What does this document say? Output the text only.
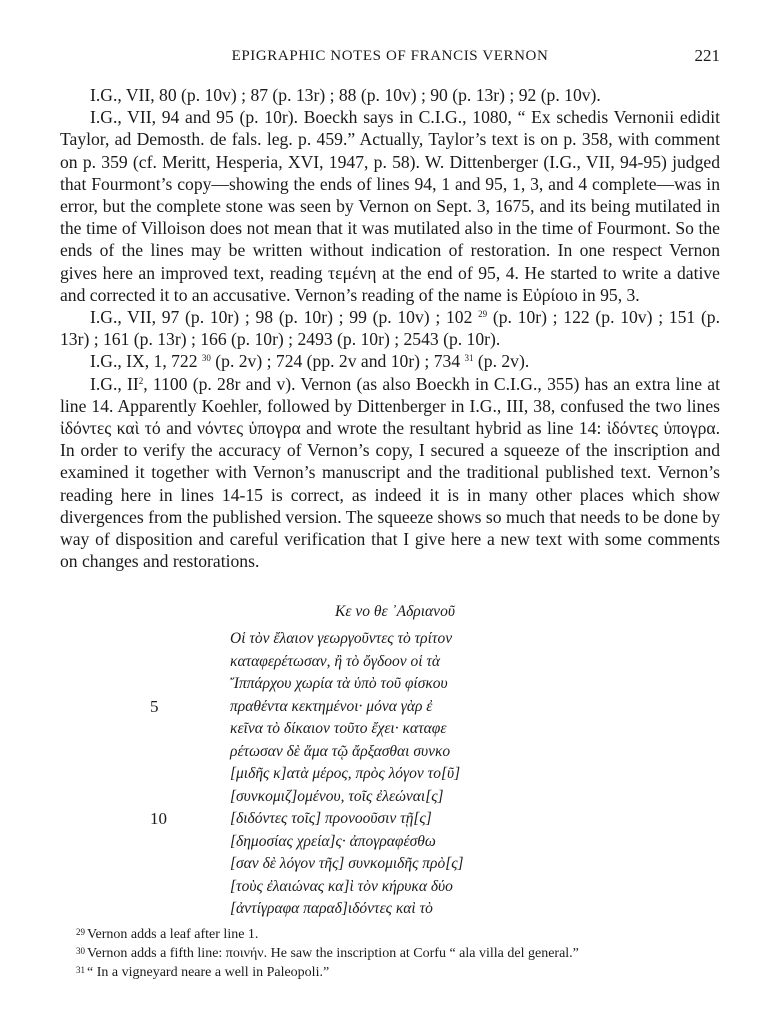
EPIGRAPHIC NOTES OF FRANCIS VERNON	221

I.G., VII, 80 (p. 10v) ; 87 (p. 13r) ; 88 (p. 10v) ; 90 (p. 13r) ; 92 (p. 10v).

I.G., VII, 94 and 95 (p. 10r). Boeckh says in C.I.G., 1080, “ Ex schedis Vernonii edidit Taylor, ad Demosth. de fals. leg. p. 459.” Actually, Taylor’s text is on p. 358, with comment on p. 359 (cf. Meritt, Hesperia, XVI, 1947, p. 58). W. Dittenberger (I.G., VII, 94-95) judged that Fourmont’s copy—showing the ends of lines 94, 1 and 95, 1, 3, and 4 complete—was in error, but the complete stone was seen by Vernon on Sept. 3, 1675, and its being mutilated in the time of Villoison does not mean that it was mutilated also in the time of Fourmont. So the ends of the lines may be written without indication of restoration. In one respect Vernon gives here an improved text, reading τεμένη at the end of 95, 4. He started to write a dative and corrected it to an accusative. Vernon’s reading of the name is Εὐρίοιο in 95, 3.

I.G., VII, 97 (p. 10r) ; 98 (p. 10r) ; 99 (p. 10v) ; 102 $^{29}$ (p. 10r) ; 122 (p. 10v) ; 151 (p. 13r) ; 161 (p. 13r) ; 166 (p. 10r) ; 2493 (p. 10r) ; 2543 (p. 10r).

I.G., IX, 1, 722 $^{30}$ (p. 2v) ; 724 (pp. 2v and 10r) ; 734 $^{31}$ (p. 2v).

I.G., $II^2$, 1100 (p. 28r and v). Vernon (as also Boeckh in C.I.G., 355) has an extra line at line 14. Apparently Koehler, followed by Dittenberger in I.G., III, 38, confused the two lines ἰδόντες καὶ τό and νόντες ὑπογρα and wrote the resultant hybrid as line 14: ἰδόντες ὑπογρα. In order to verify the accuracy of Vernon’s copy, I secured a squeeze of the inscription and examined it together with Vernon’s manuscript and the traditional published text. Vernon’s reading here in lines 14-15 is correct, as indeed it is in many other places which show divergences from the published version. The squeeze shows so much that needs to be done by way of disposition and careful verification that I give here a new text with some comments on changes and restorations.

Κε νο θε ᾿Αδριανοῦ
Οἱ τὸν ἔλαιον γεωργοῦντες τὸ τρίτον
καταφερέτωσαν, ἢ τὸ ὄγδοον οἱ τὰ
Ἴππάρχου χωρία τὰ ὑπὸ τοῦ φίσκου
5	πραθέντα κεκτημένοι· μόνα γὰρ ἐ
κεῖνα τὸ δίκαιον τοῦτο ἔχει· καταφε
ρέτωσαν δὲ ἅμα τῷ ἄρξασθαι συνκο
[μιδῆς κ]ατὰ μέρος, πρὸς λόγον το[ῦ]
[συνκομιζ]ομένου, τοῖς ἐλεώναι[ς]
10	[διδόντες τοῖς] προνοοῦσιν τῇ[ς]
[δημοσίας χρεία]ς· ἀπογραφέσθω
[σαν δὲ λόγον τῆς] συνκομιδῆς πρὸ[ς]
[τοὺς ἐλαιώνας κα]ὶ τὸν κήρυκα δύο
[ἀντίγραφα παραδ]ιδόντες καὶ τὸ
$^{29}$ Vernon adds a leaf after line 1.
$^{30}$ Vernon adds a fifth line: ποινήν. He saw the inscription at Corfu “ ala villa del general.”
$^{31}$ “ In a vigneyard neare a well in Paleopoli.”
